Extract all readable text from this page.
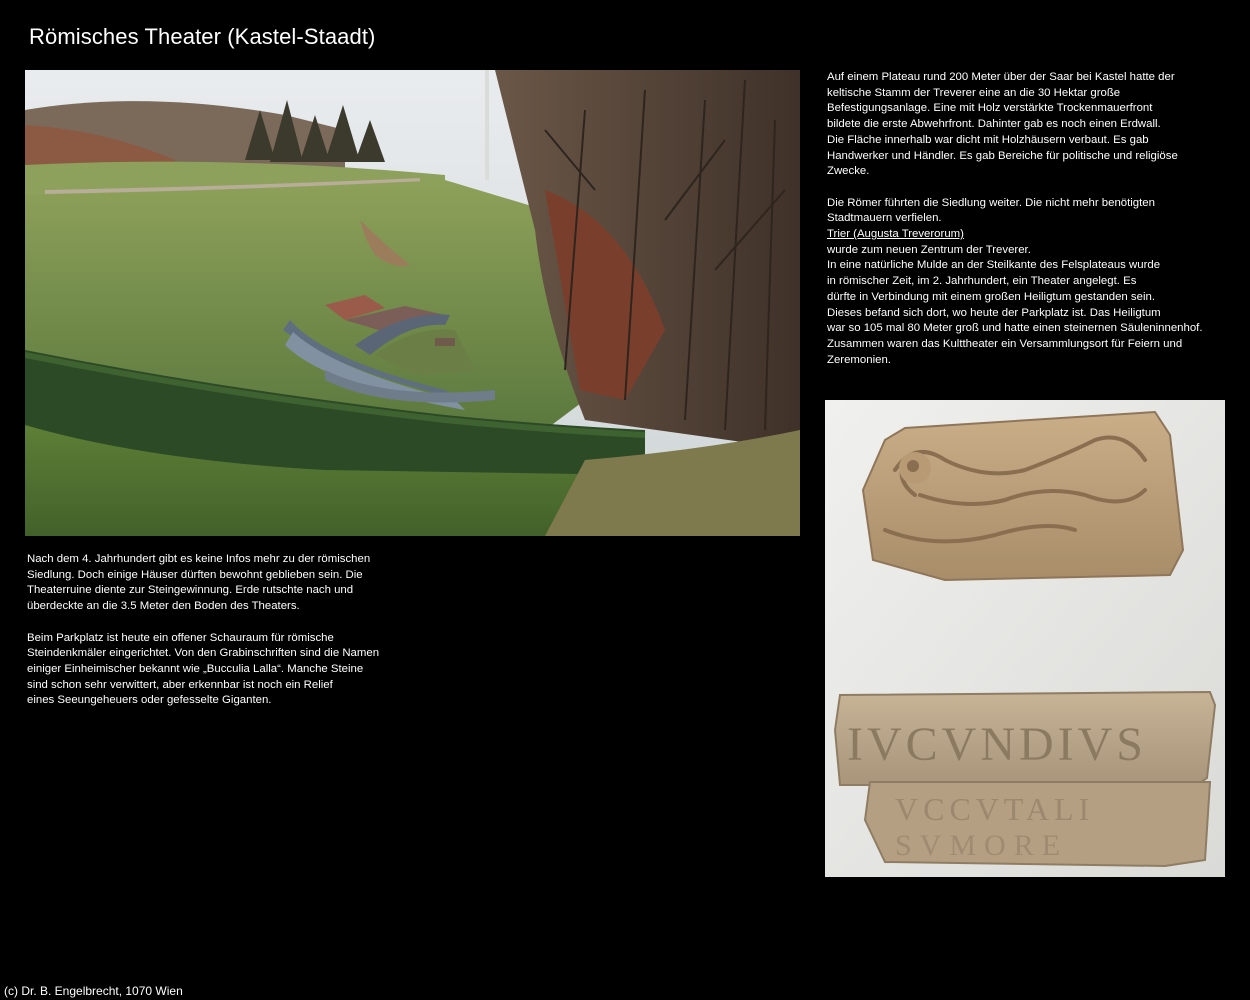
Römisches Theater (Kastel-Staadt)

Auf einem Plateau rund 200 Meter über der Saar bei Kastel hatte der
keltische Stamm der Treverer eine an die 30 Hektar große
Befestigungsanlage. Eine mit Holz verstärkte Trockenmauerfront
bildete die erste Abwehrfront. Dahinter gab es noch einen Erdwall.
Die Fläche innerhalb war dicht mit Holzhäusern verbaut. Es gab
Handwerker und Händler. Es gab Bereiche für politische und religiöse
Zwecke.

Die Römer führten die Siedlung weiter. Die nicht mehr benötigten
Stadtmauern verfielen.
Trier (Augusta Treverorum)
wurde zum neuen Zentrum der Treverer.
In eine natürliche Mulde an der Steilkante des Felsplateaus wurde
in römischer Zeit, im 2. Jahrhundert, ein Theater angelegt. Es
dürfte in Verbindung mit einem großen Heiligtum gestanden sein.
Dieses befand sich dort, wo heute der Parkplatz ist. Das Heiligtum
war so 105 mal 80 Meter groß und hatte einen steinernen Säuleninnenhof.
Zusammen waren das Kulttheater ein Versammlungsort für Feiern und
Zeremonien.

Nach dem 4. Jahrhundert gibt es keine Infos mehr zu der römischen
Siedlung. Doch einige Häuser dürften bewohnt geblieben sein. Die
Theaterruine diente zur Steingewinnung. Erde rutschte nach und
überdeckte an die 3.5 Meter den Boden des Theaters.

Beim Parkplatz ist heute ein offener Schauraum für römische
Steindenkmäler eingerichtet. Von den Grabinschriften sind die Namen
einiger Einheimischer bekannt wie „Bucculia Lalla“. Manche Steine
sind schon sehr verwittert, aber erkennbar ist noch ein Relief
eines Seeungeheuers oder gefesselte Giganten.

IVCVNDIVS
VCCVTALI
SVMORE
(c) Dr. B. Engelbrecht, 1070 Wien
